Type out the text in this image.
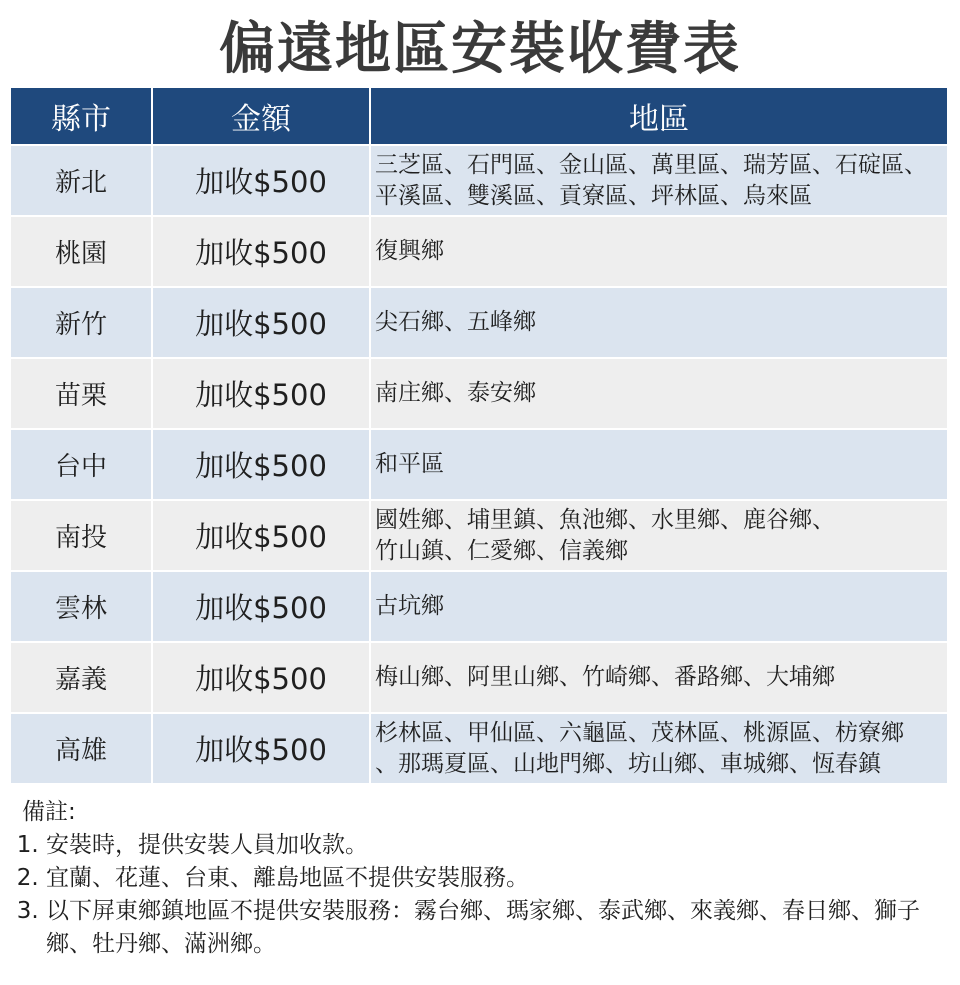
偏遠地區安裝收費表
縣市	金額	地區
新北	加收$500	三芝區、石門區、金山區、萬里區、瑞芳區、石碇區、
平溪區、雙溪區、貢寮區、坪林區、烏來區
桃園	加收$500	復興鄉
新竹	加收$500	尖石鄉、五峰鄉
苗栗	加收$500	南庄鄉、泰安鄉
台中	加收$500	和平區
南投	加收$500	國姓鄉、埔里鎮、魚池鄉、水里鄉、鹿谷鄉、
竹山鎮、仁愛鄉、信義鄉
雲林	加收$500	古坑鄉
嘉義	加收$500	梅山鄉、阿里山鄉、竹崎鄉、番路鄉、大埔鄉
高雄	加收$500	杉林區、甲仙區、六龜區、茂林區、桃源區、枋寮鄉
、那瑪夏區、山地門鄉、坊山鄉、車城鄉、恆春鎮

備註:

1. 安裝時，提供安裝人員加收款。
2. 宜蘭、花蓮、台東、離島地區不提供安裝服務。
3. 以下屏東鄉鎮地區不提供安裝服務：霧台鄉、瑪家鄉、泰武鄉、來義鄉、春日鄉、獅子鄉、牡丹鄉、滿洲鄉。
